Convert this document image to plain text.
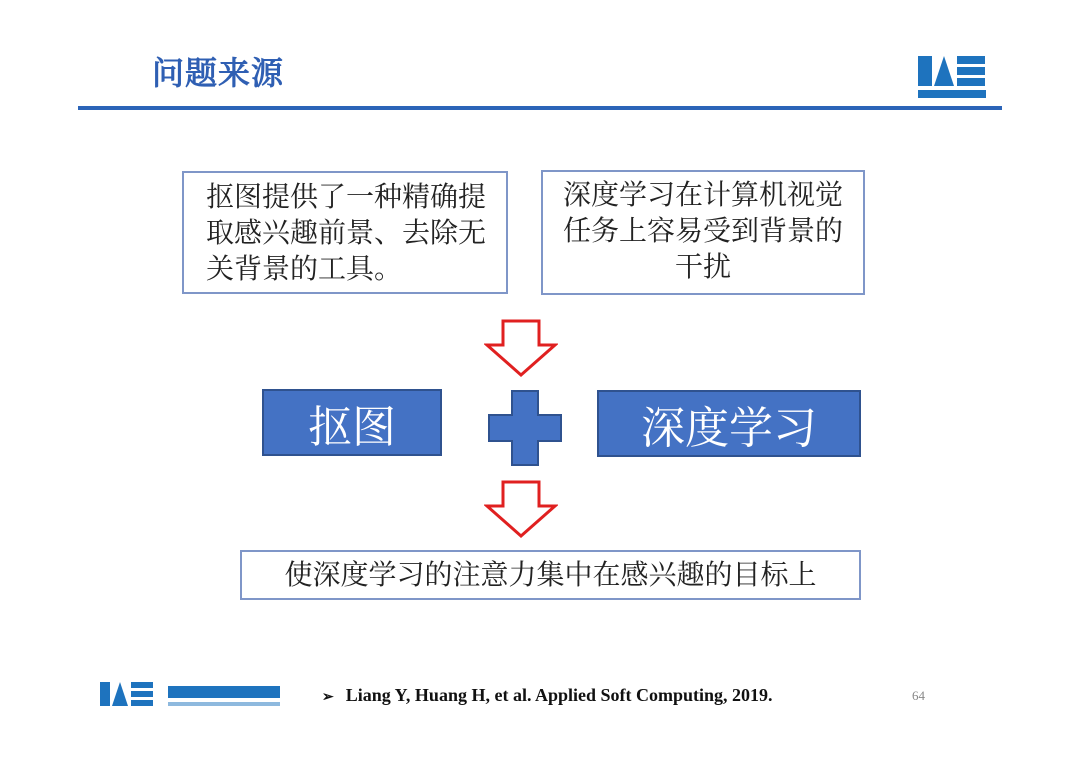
问题来源
抠图提供了一种精确提取感兴趣前景、去除无关背景的工具。
深度学习在计算机视觉任务上容易受到背景的干扰
抠图	深度学习
使深度学习的注意力集中在感兴趣的目标上
➢ Liang Y, Huang H, et al. Applied Soft Computing, 2019.	64
